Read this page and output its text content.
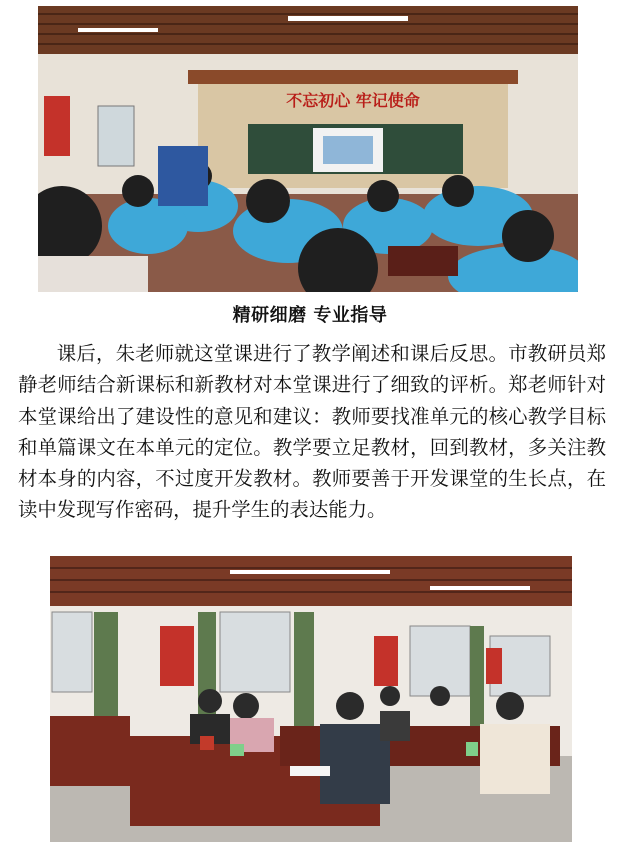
不忘初心 牢记使命
精研细磨 专业指导

课后，朱老师就这堂课进行了教学阐述和课后反思。市教研员郑静老师结合新课标和新教材对本堂课进行了细致的评析。郑老师针对本堂课给出了建设性的意见和建议：教师要找准单元的核心教学目标和单篇课文在本单元的定位。教学要立足教材，回到教材，多关注教材本身的内容，不过度开发教材。教师要善于开发课堂的生长点，在读中发现写作密码，提升学生的表达能力。
